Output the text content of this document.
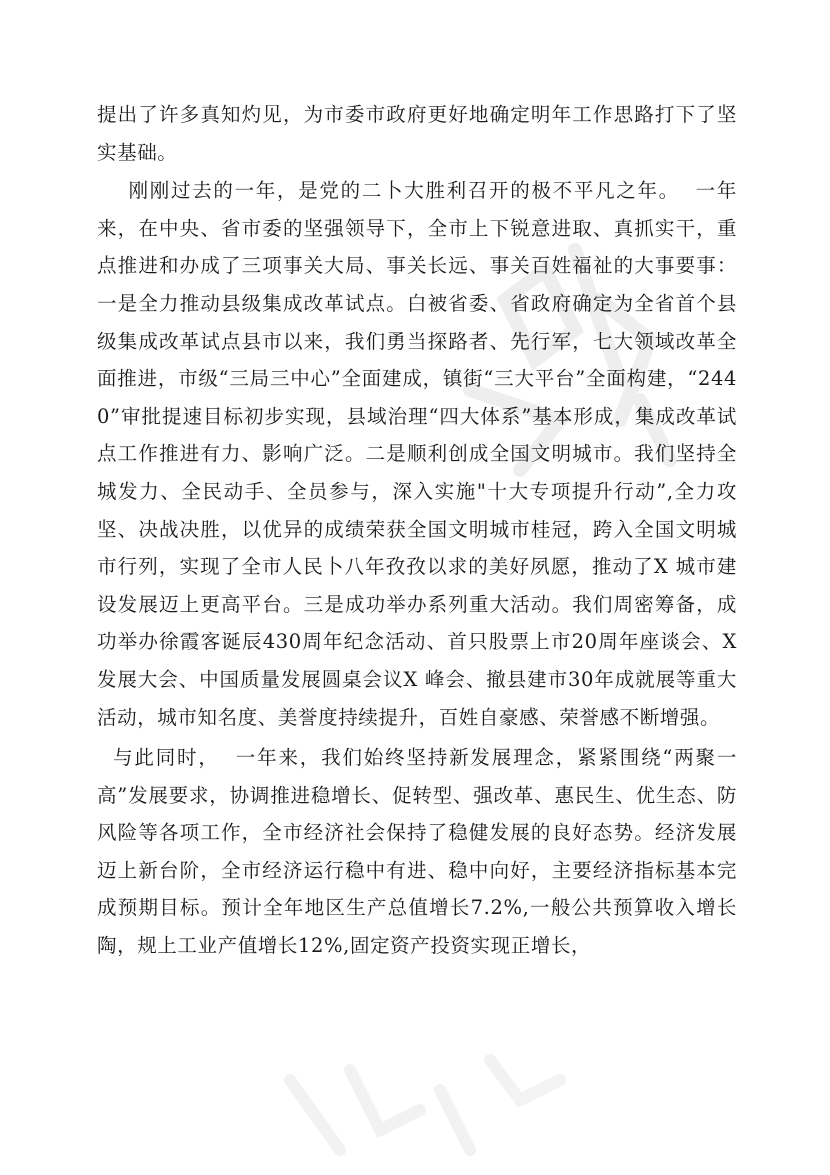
提出了许多真知灼见，为市委市政府更好地确定明年工作思路打下了坚实基础。

刚刚过去的一年，是党的二卜大胜利召开的极不平凡之年。  一年来，在中央、省市委的坚强领导下，全市上下锐意进取、真抓实干，重点推进和办成了三项事关大局、事关长远、事关百姓福祉的大事要事：  一是全力推动县级集成改革试点。白被省委、省政府确定为全省首个县级集成改革试点县市以来，我们勇当探路者、先行军，七大领域改革全面推进，市级“三局三中心”全面建成，镇街“三大平台”全面构建，“2440”审批提速目标初步实现，县域治理“四大体系”基本形成，集成改革试点工作推进有力、影响广泛。二是顺利创成全国文明城市。我们坚持全城发力、全民动手、全员参与，深入实施"十大专项提升行动”,全力攻坚、决战决胜，以优异的成绩荣获全国文明城市桂冠，跨入全国文明城市行列，实现了全市人民卜八年孜孜以求的美好夙愿，推动了X 城市建设发展迈上更高平台。三是成功举办系列重大活动。我们周密筹备，成功举办徐霞客诞辰430周年纪念活动、首只股票上市20周年座谈会、X 发展大会、中国质量发展圆桌会议X 峰会、撤县建市30年成就展等重大活动，城市知名度、美誉度持续提升，百姓自豪感、荣誉感不断增强。

与此同时，  一年来，我们始终坚持新发展理念，紧紧围绕“两聚一高”发展要求，协调推进稳增长、促转型、强改革、惠民生、优生态、防风险等各项工作，全市经济社会保持了稳健发展的良好态势。经济发展迈上新台阶，全市经济运行稳中有进、稳中向好，主要经济指标基本完成预期目标。预计全年地区生产总值增长7.2%,一般公共预算收入增长陶，规上工业产值增长12%,固定资产投资实现正增长，
